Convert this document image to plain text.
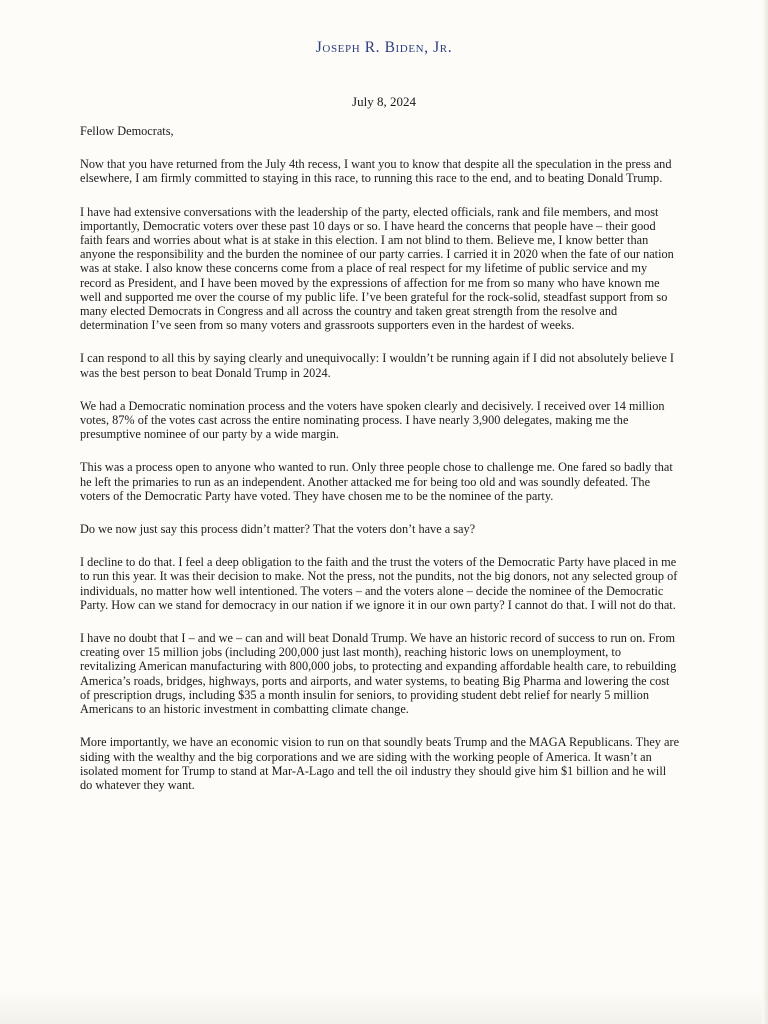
Joseph R. Biden, Jr.
July 8, 2024

Fellow Democrats,

Now that you have returned from the July 4th recess, I want you to know that despite all the speculation in the press and elsewhere, I am firmly committed to staying in this race, to running this race to the end, and to beating Donald Trump.

I have had extensive conversations with the leadership of the party, elected officials, rank and file members, and most importantly, Democratic voters over these past 10 days or so. I have heard the concerns that people have – their good faith fears and worries about what is at stake in this election. I am not blind to them. Believe me, I know better than anyone the responsibility and the burden the nominee of our party carries. I carried it in 2020 when the fate of our nation was at stake. I also know these concerns come from a place of real respect for my lifetime of public service and my record as President, and I have been moved by the expressions of affection for me from so many who have known me well and supported me over the course of my public life. I’ve been grateful for the rock-solid, steadfast support from so many elected Democrats in Congress and all across the country and taken great strength from the resolve and determination I’ve seen from so many voters and grassroots supporters even in the hardest of weeks.

I can respond to all this by saying clearly and unequivocally: I wouldn’t be running again if I did not absolutely believe I was the best person to beat Donald Trump in 2024.

We had a Democratic nomination process and the voters have spoken clearly and decisively. I received over 14 million votes, 87% of the votes cast across the entire nominating process. I have nearly 3,900 delegates, making me the presumptive nominee of our party by a wide margin.

This was a process open to anyone who wanted to run. Only three people chose to challenge me. One fared so badly that he left the primaries to run as an independent. Another attacked me for being too old and was soundly defeated. The voters of the Democratic Party have voted. They have chosen me to be the nominee of the party.

Do we now just say this process didn’t matter? That the voters don’t have a say?

I decline to do that. I feel a deep obligation to the faith and the trust the voters of the Democratic Party have placed in me to run this year. It was their decision to make. Not the press, not the pundits, not the big donors, not any selected group of individuals, no matter how well intentioned. The voters – and the voters alone – decide the nominee of the Democratic Party. How can we stand for democracy in our nation if we ignore it in our own party? I cannot do that. I will not do that.

I have no doubt that I – and we – can and will beat Donald Trump. We have an historic record of success to run on. From creating over 15 million jobs (including 200,000 just last month), reaching historic lows on unemployment, to revitalizing American manufacturing with 800,000 jobs, to protecting and expanding affordable health care, to rebuilding America’s roads, bridges, highways, ports and airports, and water systems, to beating Big Pharma and lowering the cost of prescription drugs, including $35 a month insulin for seniors, to providing student debt relief for nearly 5 million Americans to an historic investment in combatting climate change.

More importantly, we have an economic vision to run on that soundly beats Trump and the MAGA Republicans. They are siding with the wealthy and the big corporations and we are siding with the working people of America. It wasn’t an isolated moment for Trump to stand at Mar-A-Lago and tell the oil industry they should give him $1 billion and he will do whatever they want.
